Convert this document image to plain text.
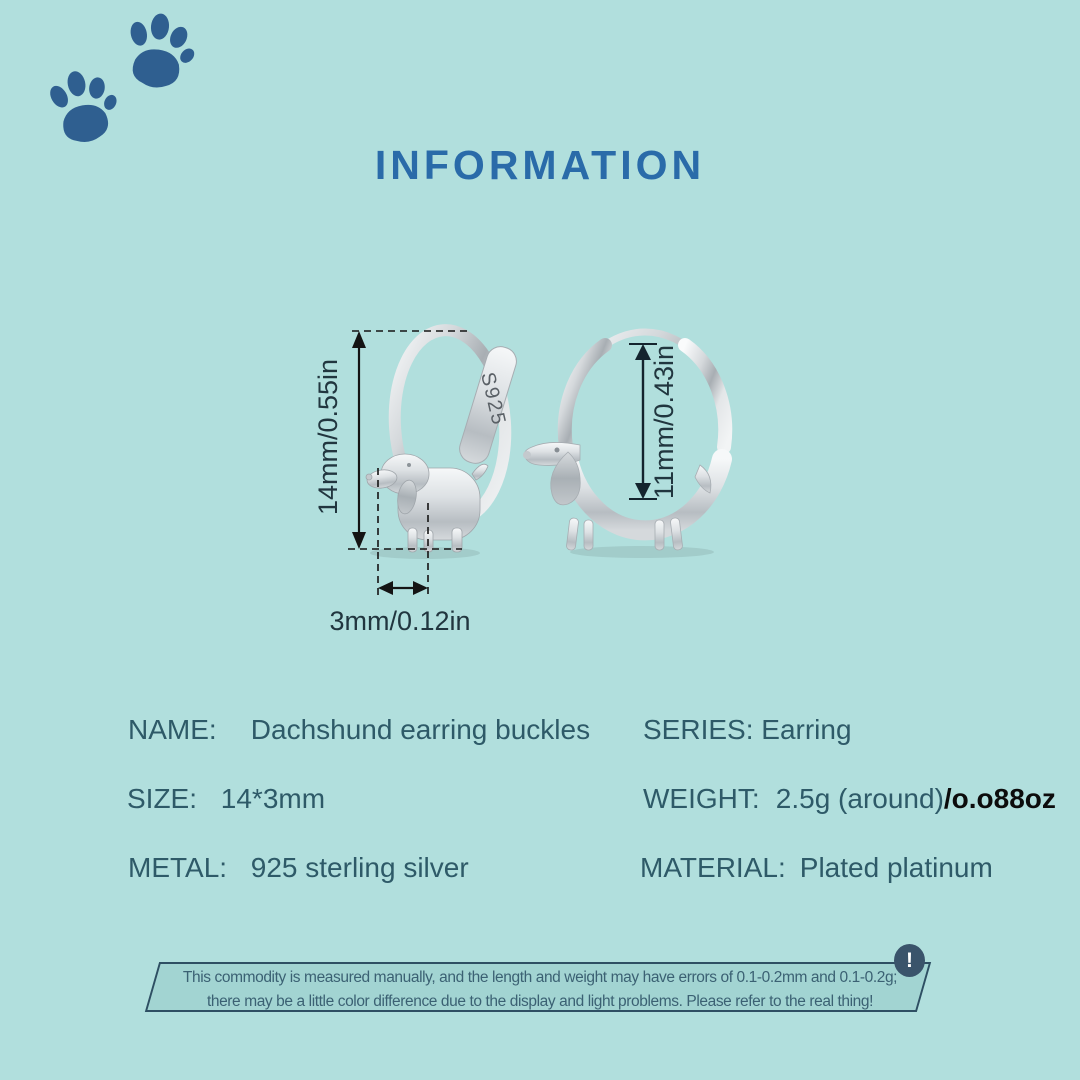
INFORMATION
S925
14mm/0.55in
3mm/0.12in
11mm/0.43in
NAME: Dachshund earring buckles SERIES: Earring
SIZE: 14*3mm	WEIGHT: 2.5g (around)/o.o88oz
METAL: 925 sterling silver	MATERIAL: Plated platinum
This commodity is measured manually, and the length and weight may have errors of 0.1-0.2mm and 0.1-0.2g;
there may be a little color difference due to the display and light problems. Please refer to the real thing!
!
